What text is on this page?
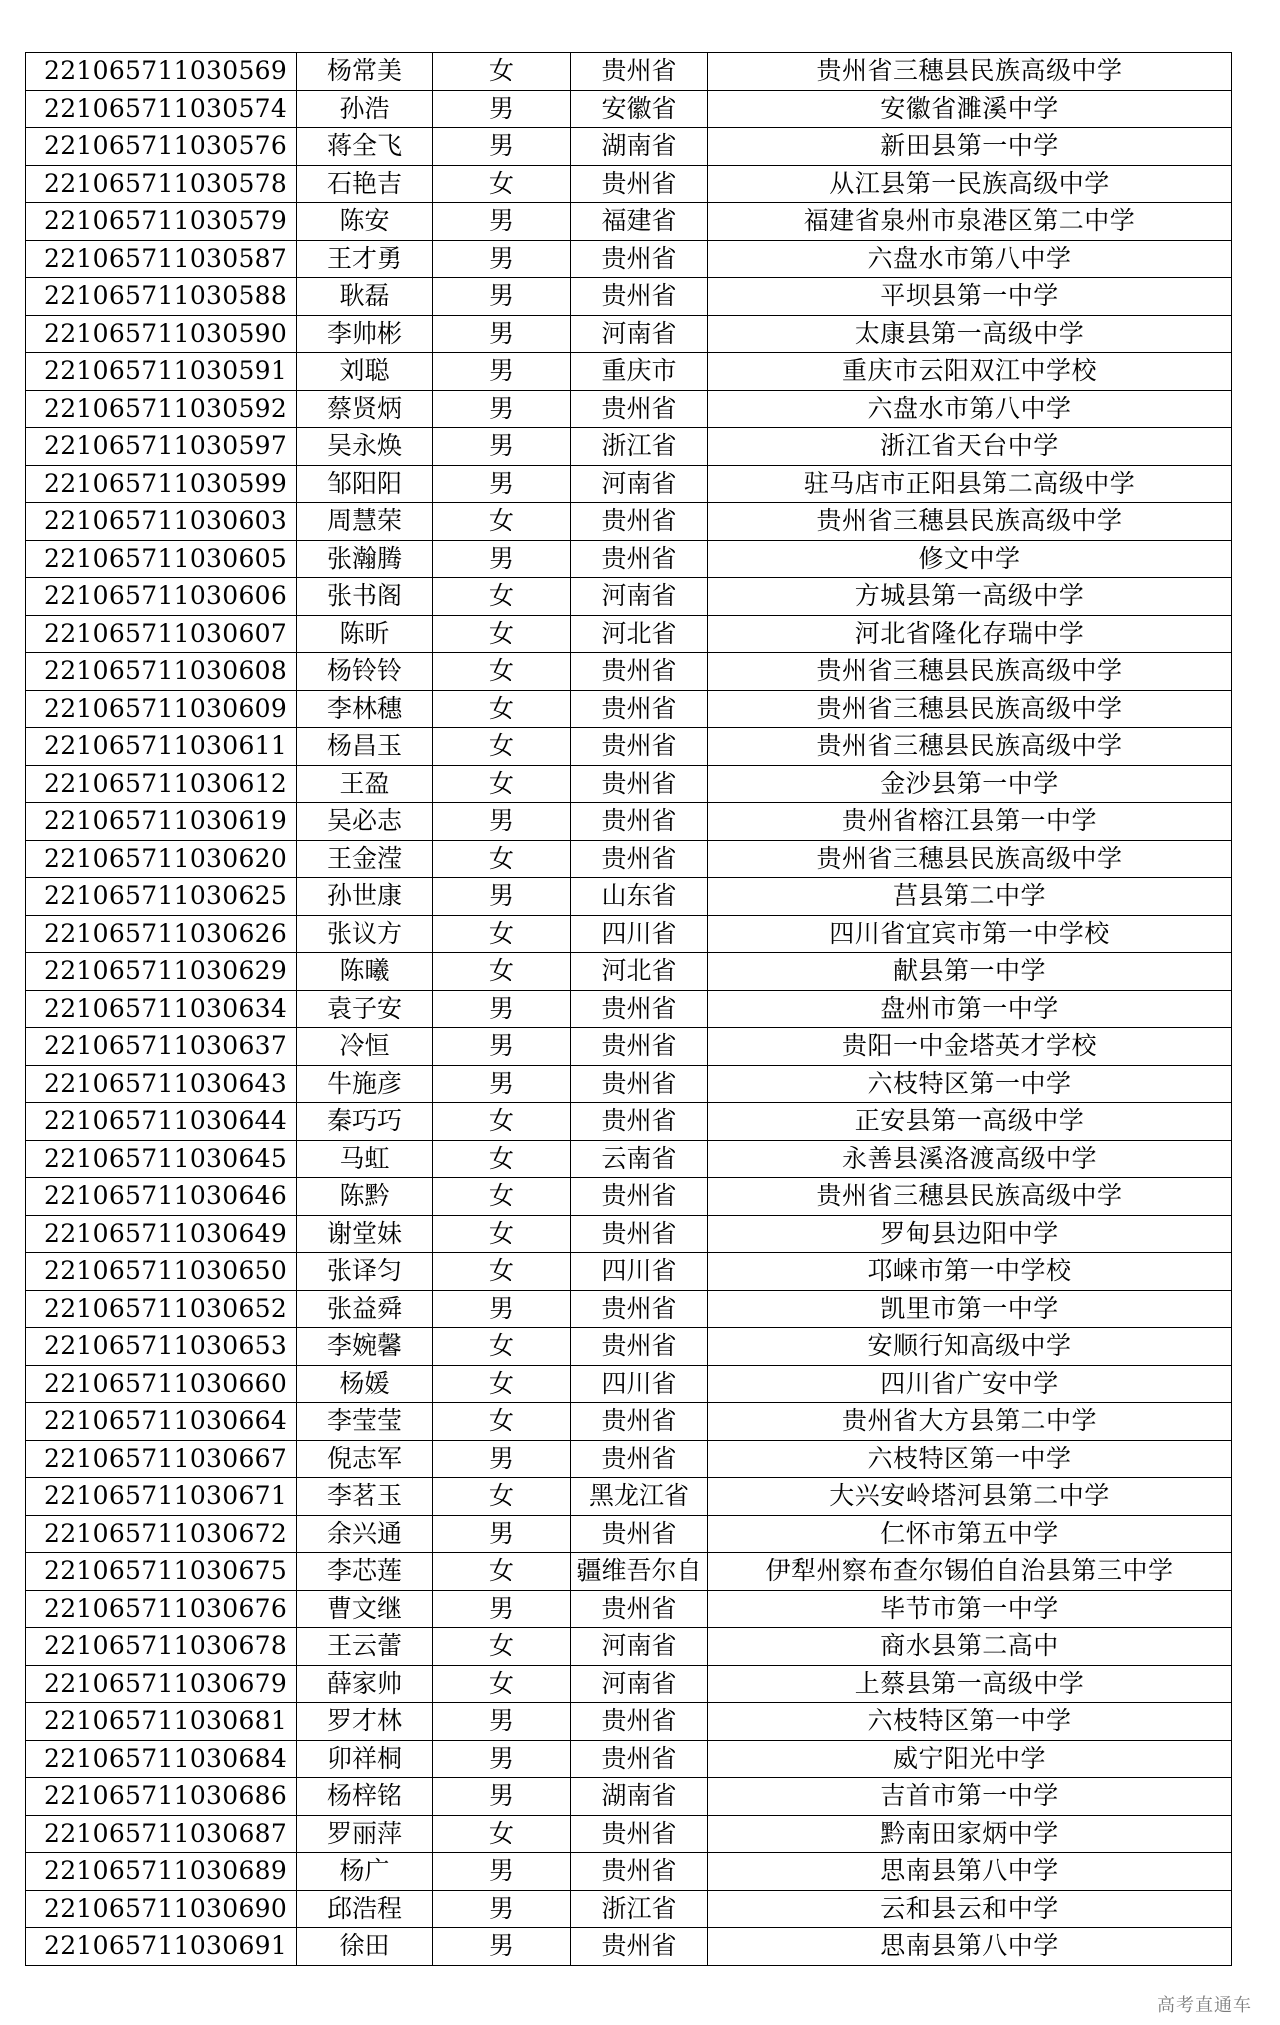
221065711030569	杨常美	女	贵州省	贵州省三穗县民族高级中学
221065711030574	孙浩	男	安徽省	安徽省濉溪中学
221065711030576	蒋全飞	男	湖南省	新田县第一中学
221065711030578	石艳吉	女	贵州省	从江县第一民族高级中学
221065711030579	陈安	男	福建省	福建省泉州市泉港区第二中学
221065711030587	王才勇	男	贵州省	六盘水市第八中学
221065711030588	耿磊	男	贵州省	平坝县第一中学
221065711030590	李帅彬	男	河南省	太康县第一高级中学
221065711030591	刘聪	男	重庆市	重庆市云阳双江中学校
221065711030592	蔡贤炳	男	贵州省	六盘水市第八中学
221065711030597	吴永焕	男	浙江省	浙江省天台中学
221065711030599	邹阳阳	男	河南省	驻马店市正阳县第二高级中学
221065711030603	周慧荣	女	贵州省	贵州省三穗县民族高级中学
221065711030605	张瀚腾	男	贵州省	修文中学
221065711030606	张书阁	女	河南省	方城县第一高级中学
221065711030607	陈昕	女	河北省	河北省隆化存瑞中学
221065711030608	杨铃铃	女	贵州省	贵州省三穗县民族高级中学
221065711030609	李林穗	女	贵州省	贵州省三穗县民族高级中学
221065711030611	杨昌玉	女	贵州省	贵州省三穗县民族高级中学
221065711030612	王盈	女	贵州省	金沙县第一中学
221065711030619	吴必志	男	贵州省	贵州省榕江县第一中学
221065711030620	王金滢	女	贵州省	贵州省三穗县民族高级中学
221065711030625	孙世康	男	山东省	莒县第二中学
221065711030626	张议方	女	四川省	四川省宜宾市第一中学校
221065711030629	陈曦	女	河北省	献县第一中学
221065711030634	袁子安	男	贵州省	盘州市第一中学
221065711030637	冷恒	男	贵州省	贵阳一中金塔英才学校
221065711030643	牛施彦	男	贵州省	六枝特区第一中学
221065711030644	秦巧巧	女	贵州省	正安县第一高级中学
221065711030645	马虹	女	云南省	永善县溪洛渡高级中学
221065711030646	陈黔	女	贵州省	贵州省三穗县民族高级中学
221065711030649	谢堂妹	女	贵州省	罗甸县边阳中学
221065711030650	张译匀	女	四川省	邛崃市第一中学校
221065711030652	张益舜	男	贵州省	凯里市第一中学
221065711030653	李婉馨	女	贵州省	安顺行知高级中学
221065711030660	杨媛	女	四川省	四川省广安中学
221065711030664	李莹莹	女	贵州省	贵州省大方县第二中学
221065711030667	倪志军	男	贵州省	六枝特区第一中学
221065711030671	李茗玉	女	黑龙江省	大兴安岭塔河县第二中学
221065711030672	余兴通	男	贵州省	仁怀市第五中学
221065711030675	李芯莲	女	疆维吾尔自	伊犁州察布查尔锡伯自治县第三中学
221065711030676	曹文继	男	贵州省	毕节市第一中学
221065711030678	王云蕾	女	河南省	商水县第二高中
221065711030679	薛家帅	女	河南省	上蔡县第一高级中学
221065711030681	罗才林	男	贵州省	六枝特区第一中学
221065711030684	卯祥桐	男	贵州省	威宁阳光中学
221065711030686	杨梓铭	男	湖南省	吉首市第一中学
221065711030687	罗丽萍	女	贵州省	黔南田家炳中学
221065711030689	杨广	男	贵州省	思南县第八中学
221065711030690	邱浩程	男	浙江省	云和县云和中学
221065711030691	徐田	男	贵州省	思南县第八中学
高考直通车
